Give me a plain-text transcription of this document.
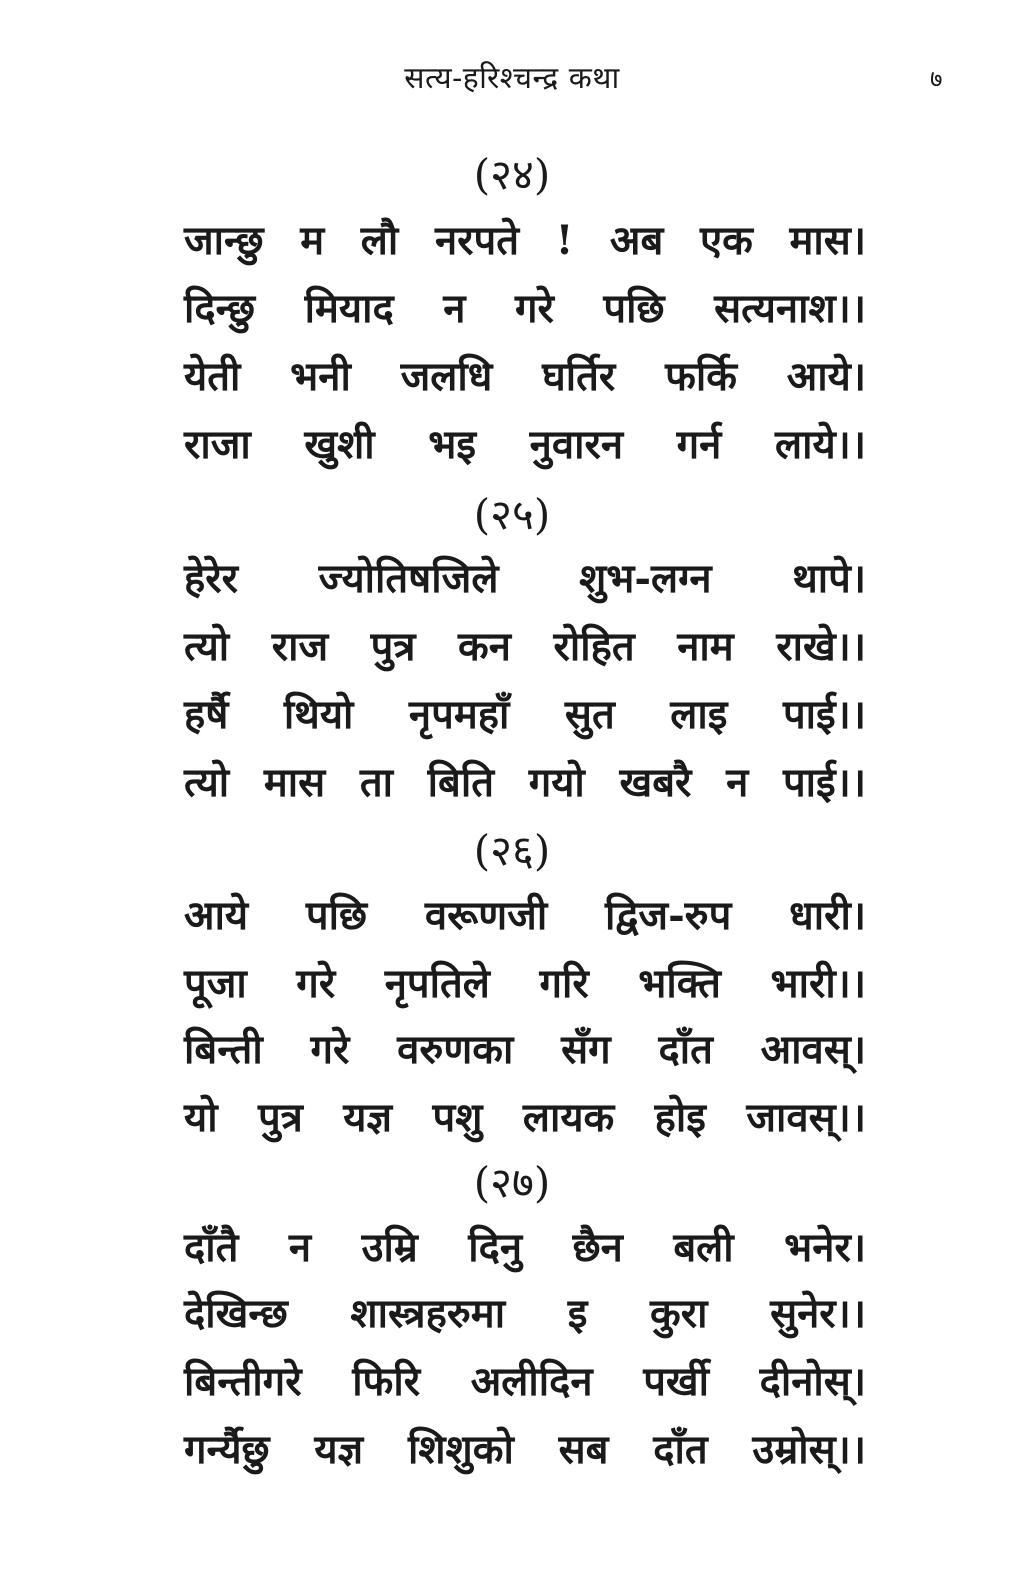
सत्य-हरिश्चन्द्र कथा	७
(२४)
जान्छु म लौ नरपते ! अब एक मास।
दिन्छु मियाद न गरे पछि सत्यनाश।।
येती भनी जलधि घर्तिर फर्कि आये।
राजा खुशी भइ नुवारन गर्न लाये।।
(२५)
हेरेर ज्योतिषजिले शुभ-लग्न थापे।
त्यो राज पुत्र कन रोहित नाम राखे।।
हर्षै थियो नृपमहाँ सुत लाइ पाई।।
त्यो मास ता बिति गयो खबरै न पाई।।
(२६)
आये पछि वरूणजी द्विज-रुप धारी।
पूजा गरे नृपतिले गरि भक्ति भारी।।
बिन्ती गरे वरुणका सँग दाँत आवस्।
यो पुत्र यज्ञ पशु लायक होइ जावस्।।
(२७)
दाँतै न उम्रि दिनु छैन बली भनेर।
देखिन्छ शास्त्रहरुमा इ कुरा सुनेर।।
बिन्तीगरे फिरि अलीदिन पर्खी दीनोस्।
गर्न्यैछु यज्ञ शिशुको सब दाँत उम्रोस्।।
